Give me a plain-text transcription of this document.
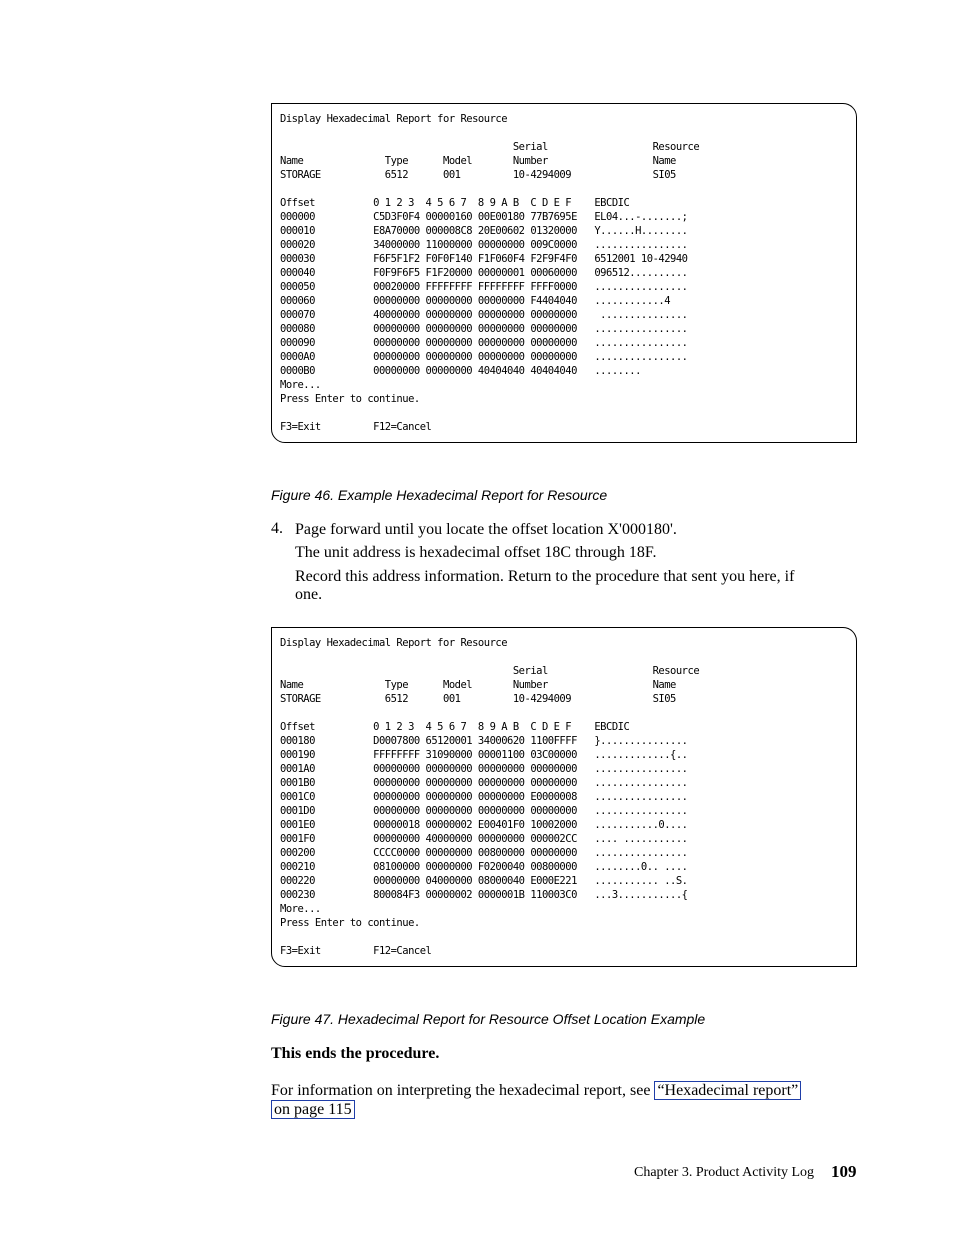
Display Hexadecimal Report for Resource

Serial                  Resource
Name              Type      Model       Number                  Name
STORAGE           6512      001         10-4294009              SI05

Offset          0 1 2 3  4 5 6 7  8 9 A B  C D E F    EBCDIC
000000          C5D3F0F4 00000160 00E00180 77B7695E   EL04...-.......;
000010          E8A70000 000008C8 20E00602 01320000   Y......H........
000020          34000000 11000000 00000000 009C0000   ................
000030          F6F5F1F2 F0F0F140 F1F060F4 F2F9F4F0   6512001 10-42940
000040          F0F9F6F5 F1F20000 00000001 00060000   096512..........
000050          00020000 FFFFFFFF FFFFFFFF FFFF0000   ................
000060          00000000 00000000 00000000 F4404040   ............4
000070          40000000 00000000 00000000 00000000    ...............
000080          00000000 00000000 00000000 00000000   ................
000090          00000000 00000000 00000000 00000000   ................
0000A0          00000000 00000000 00000000 00000000   ................
0000B0          00000000 00000000 40404040 40404040   ........
More...
Press Enter to continue.

F3=Exit         F12=Cancel
Figure 46. Example Hexadecimal Report for Resource
4. Page forward until you locate the offset location X'000180'.
The unit address is hexadecimal offset 18C through 18F.
Record this address information. Return to the procedure that sent you here, if
one.
Display Hexadecimal Report for Resource

Serial                  Resource
Name              Type      Model       Number                  Name
STORAGE           6512      001         10-4294009              SI05

Offset          0 1 2 3  4 5 6 7  8 9 A B  C D E F    EBCDIC
000180          D0007800 65120001 34000620 1100FFFF   }...............
000190          FFFFFFFF 31090000 00001100 03C00000   .............{..
0001A0          00000000 00000000 00000000 00000000   ................
0001B0          00000000 00000000 00000000 00000000   ................
0001C0          00000000 00000000 00000000 E0000008   ................
0001D0          00000000 00000000 00000000 00000000   ................
0001E0          00000018 00000002 E00401F0 10002000   ...........0....
0001F0          00000000 40000000 00000000 000002CC   .... ...........
000200          CCCC0000 00000000 00800000 00000000   ................
000210          08100000 00000000 F0200040 00800000   ........0.. ....
000220          00000000 04000000 08000040 E000E221   ........... ..S.
000230          800084F3 00000002 0000001B 110003C0   ...3...........{
More...
Press Enter to continue.

F3=Exit         F12=Cancel
Figure 47. Hexadecimal Report for Resource Offset Location Example
This ends the procedure.
For information on interpreting the hexadecimal report, see “Hexadecimal report”
on page 115
Chapter 3. Product Activity Log 109
